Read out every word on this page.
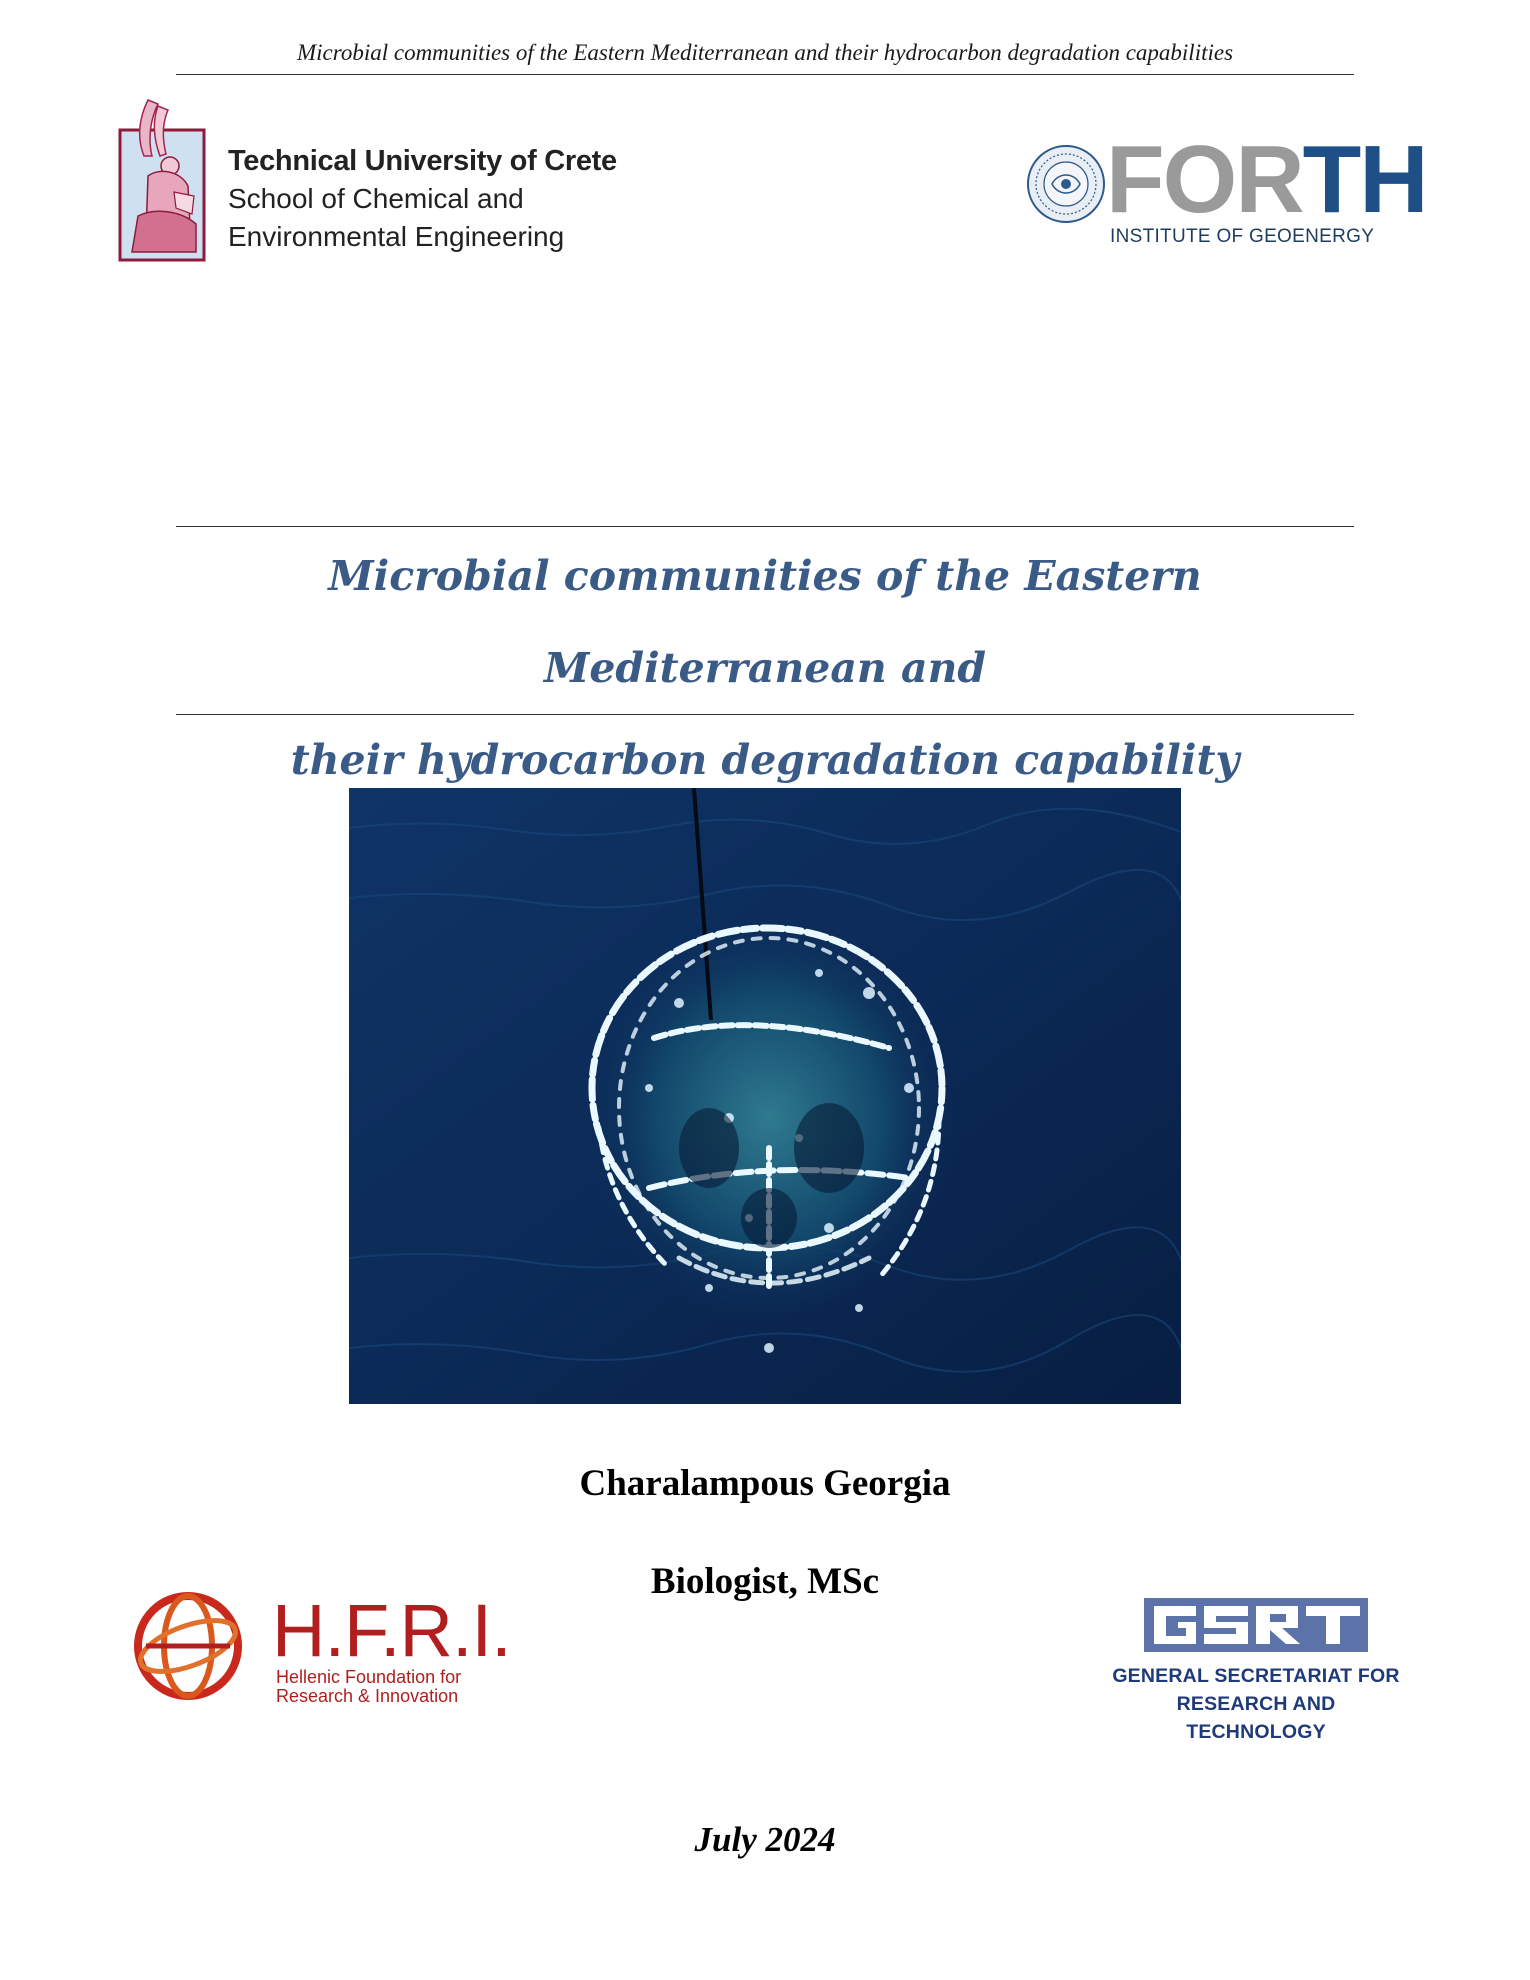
Microbial communities of the Eastern Mediterranean and their hydrocarbon degradation capabilities
Technical University of Crete
School of Chemical and
Environmental Engineering
FORTH
INSTITUTE OF GEOENERGY
Microbial communities of the Eastern Mediterranean and
their hydrocarbon degradation capability
Charalampous Georgia
Biologist, MSc
H.F.R.I.
Hellenic Foundation for
Research & Innovation
GENERAL SECRETARIAT FOR
RESEARCH AND TECHNOLOGY
July 2024
